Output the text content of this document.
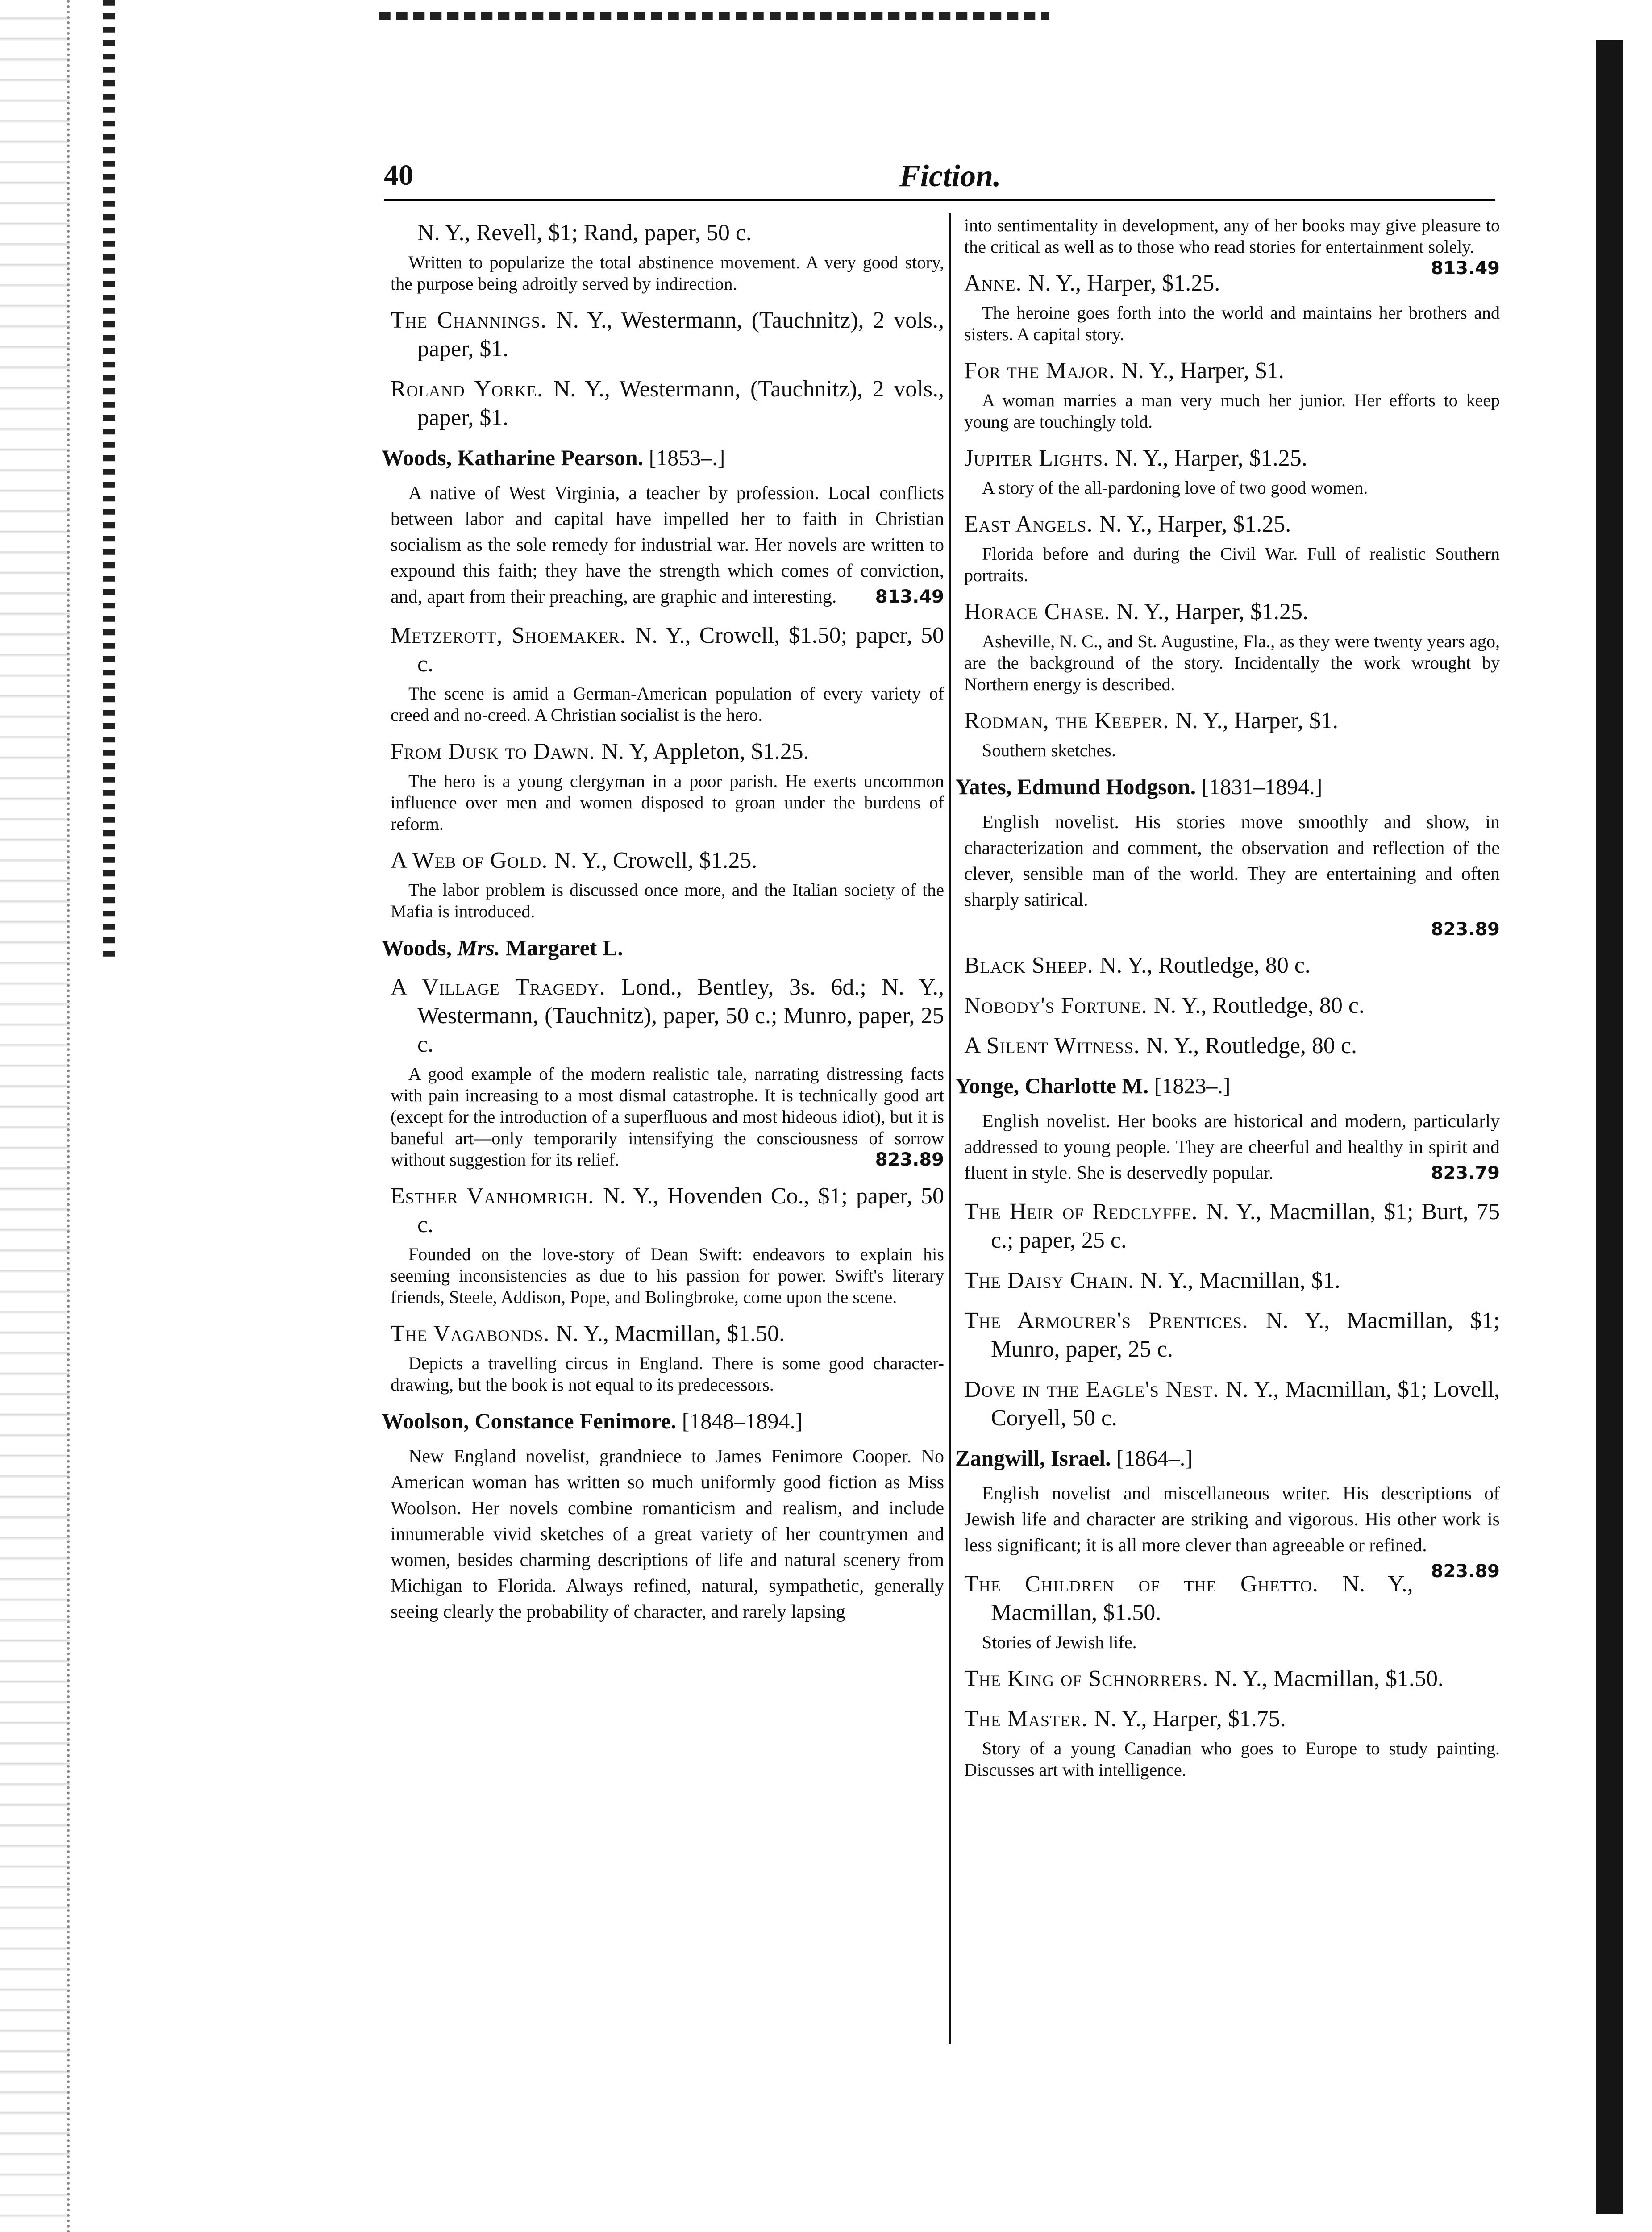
40	Fiction.
N. Y., Revell, $1; Rand, paper, 50 c.
Written to popularize the total abstinence movement. A very good story, the purpose being adroitly served by indirection.
The Channings. N. Y., Westermann, (Tauchnitz), 2 vols., paper, $1.
Roland Yorke. N. Y., Westermann, (Tauchnitz), 2 vols., paper, $1.
Woods, Katharine Pearson. [1853–.]
A native of West Virginia, a teacher by profession. Local conflicts between labor and capital have impelled her to faith in Christian socialism as the sole remedy for industrial war. Her novels are written to expound this faith; they have the strength which comes of conviction, and, apart from their preaching, are graphic and interesting.	813.49
Metzerott, Shoemaker. N. Y., Crowell, $1.50; paper, 50 c.
The scene is amid a German-American population of every variety of creed and no-creed. A Christian socialist is the hero.
From Dusk to Dawn. N. Y, Appleton, $1.25.
The hero is a young clergyman in a poor parish. He exerts uncommon influence over men and women disposed to groan under the burdens of reform.
A Web of Gold. N. Y., Crowell, $1.25.
The labor problem is discussed once more, and the Italian society of the Mafia is introduced.
Woods, Mrs. Margaret L.
A Village Tragedy. Lond., Bentley, 3s. 6d.; N. Y., Westermann, (Tauchnitz), paper, 50 c.; Munro, paper, 25 c.
A good example of the modern realistic tale, narrating distressing facts with pain increasing to a most dismal catastrophe. It is technically good art (except for the introduction of a superfluous and most hideous idiot), but it is baneful art—only temporarily intensifying the consciousness of sorrow without suggestion for its relief.	823.89
Esther Vanhomrigh. N. Y., Hovenden Co., $1; paper, 50 c.
Founded on the love-story of Dean Swift: endeavors to explain his seeming inconsistencies as due to his passion for power. Swift's literary friends, Steele, Addison, Pope, and Bolingbroke, come upon the scene.
The Vagabonds. N. Y., Macmillan, $1.50.
Depicts a travelling circus in England. There is some good character-drawing, but the book is not equal to its predecessors.
Woolson, Constance Fenimore. [1848–1894.]
New England novelist, grandniece to James Fenimore Cooper. No American woman has written so much uniformly good fiction as Miss Woolson. Her novels combine romanticism and realism, and include innumerable vivid sketches of a great variety of her countrymen and women, besides charming descriptions of life and natural scenery from Michigan to Florida. Always refined, natural, sympathetic, generally seeing clearly the probability of character, and rarely lapsing
into sentimentality in development, any of her books may give pleasure to the critical as well as to those who read stories for entertainment solely.
813.49
Anne. N. Y., Harper, $1.25.
The heroine goes forth into the world and maintains her brothers and sisters. A capital story.
For the Major. N. Y., Harper, $1.
A woman marries a man very much her junior. Her efforts to keep young are touchingly told.
Jupiter Lights. N. Y., Harper, $1.25.
A story of the all-pardoning love of two good women.
East Angels. N. Y., Harper, $1.25.
Florida before and during the Civil War. Full of realistic Southern portraits.
Horace Chase. N. Y., Harper, $1.25.
Asheville, N. C., and St. Augustine, Fla., as they were twenty years ago, are the background of the story. Incidentally the work wrought by Northern energy is described.
Rodman, the Keeper. N. Y., Harper, $1.
Southern sketches.
Yates, Edmund Hodgson. [1831–1894.]
English novelist. His stories move smoothly and show, in characterization and comment, the observation and reflection of the clever, sensible man of the world. They are entertaining and often sharply satirical.
823.89
Black Sheep. N. Y., Routledge, 80 c.
Nobody's Fortune. N. Y., Routledge, 80 c.
A Silent Witness. N. Y., Routledge, 80 c.
Yonge, Charlotte M. [1823–.]
English novelist. Her books are historical and modern, particularly addressed to young people. They are cheerful and healthy in spirit and fluent in style. She is deservedly popular.	823.79
The Heir of Redclyffe. N. Y., Macmillan, $1; Burt, 75 c.; paper, 25 c.
The Daisy Chain. N. Y., Macmillan, $1.
The Armourer's Prentices. N. Y., Macmillan, $1; Munro, paper, 25 c.
Dove in the Eagle's Nest. N. Y., Macmillan, $1; Lovell, Coryell, 50 c.
Zangwill, Israel. [1864–.]
English novelist and miscellaneous writer. His descriptions of Jewish life and character are striking and vigorous. His other work is less significant; it is all more clever than agreeable or refined.
823.89
The Children of the Ghetto. N. Y., Macmillan, $1.50.
Stories of Jewish life.
The King of Schnorrers. N. Y., Macmillan, $1.50.
The Master. N. Y., Harper, $1.75.
Story of a young Canadian who goes to Europe to study painting. Discusses art with intelligence.
